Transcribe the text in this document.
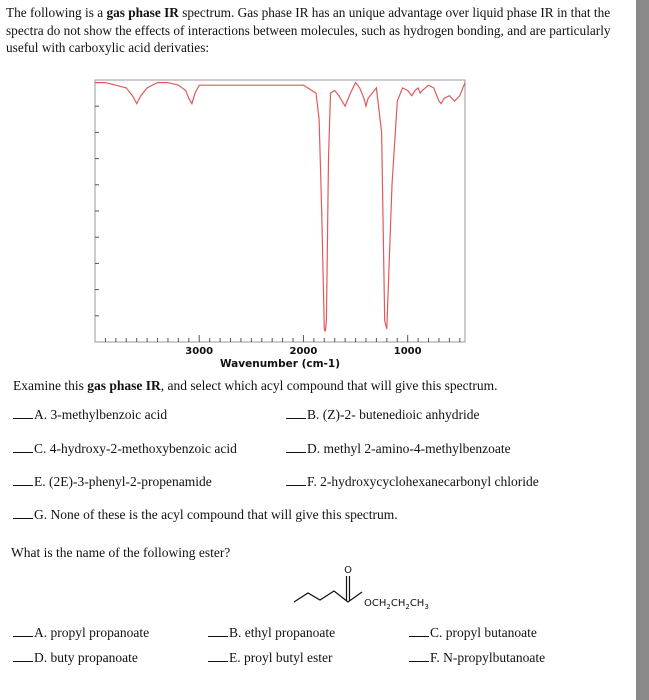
The following is a gas phase IR spectrum. Gas phase IR has an unique advantage over liquid phase IR in that the spectra do not show the effects of interactions between molecules, such as hydrogen bonding, and are particularly useful with carboxylic acid derivaties:
3000	2000	1000
Wavenumber (cm-1)
Examine this gas phase IR, and select which acyl compound that will give this spectrum.
A. 3-methylbenzoic acid	B. (Z)-2- butenedioic anhydride
C. 4-hydroxy-2-methoxybenzoic acid	D. methyl 2-amino-4-methylbenzoate
E. (2E)-3-phenyl-2-propenamide	F. 2-hydroxycyclohexanecarbonyl chloride
G. None of these is the acyl compound that will give this spectrum.
What is the name of the following ester?
O
$OCH_2CH_2CH_3$
A. propyl propanoate	B. ethyl propanoate	C. propyl butanoate
D. buty propanoate	E. proyl butyl ester	F. N-propylbutanoate
